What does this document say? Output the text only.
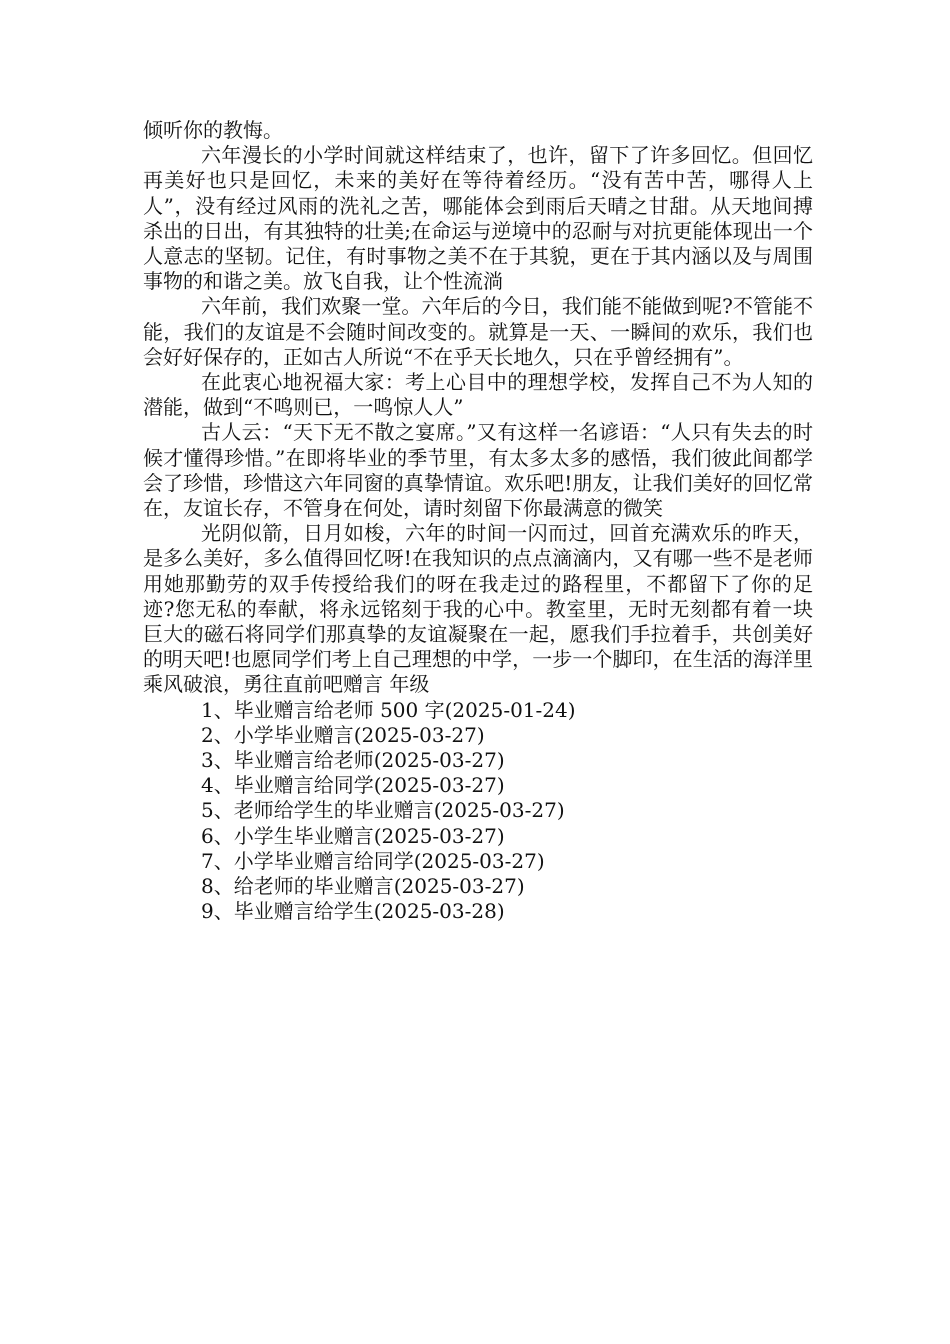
倾听你的教悔。

六年漫长的小学时间就这样结束了，也许，留下了许多回忆。但回忆再美好也只是回忆，未来的美好在等待着经历。“没有苦中苦，哪得人上人”，没有经过风雨的洗礼之苦，哪能体会到雨后天晴之甘甜。从天地间搏杀出的日出，有其独特的壮美;在命运与逆境中的忍耐与对抗更能体现出一个人意志的坚韧。记住，有时事物之美不在于其貌，更在于其内涵以及与周围事物的和谐之美。放飞自我，让个性流淌

六年前，我们欢聚一堂。六年后的今日，我们能不能做到呢?不管能不能，我们的友谊是不会随时间改变的。就算是一天、一瞬间的欢乐，我们也会好好保存的，正如古人所说“不在乎天长地久，只在乎曾经拥有”。

在此衷心地祝福大家：考上心目中的理想学校，发挥自己不为人知的潜能，做到“不鸣则已，一鸣惊人人”

古人云：“天下无不散之宴席。”又有这样一名谚语：“人只有失去的时候才懂得珍惜。”在即将毕业的季节里，有太多太多的感悟，我们彼此间都学会了珍惜，珍惜这六年同窗的真挚情谊。欢乐吧!朋友，让我们美好的回忆常在，友谊长存，不管身在何处，请时刻留下你最满意的微笑

光阴似箭，日月如梭，六年的时间一闪而过，回首充满欢乐的昨天，是多么美好，多么值得回忆呀!在我知识的点点滴滴内，又有哪一些不是老师用她那勤劳的双手传授给我们的呀在我走过的路程里，不都留下了你的足迹?您无私的奉献，将永远铭刻于我的心中。教室里，无时无刻都有着一块巨大的磁石将同学们那真挚的友谊凝聚在一起，愿我们手拉着手，共创美好的明天吧!也愿同学们考上自己理想的中学，一步一个脚印，在生活的海洋里乘风破浪，勇往直前吧赠言 年级

1、毕业赠言给老师 500 字(2025-01-24)
2、小学毕业赠言(2025-03-27)
3、毕业赠言给老师(2025-03-27)
4、毕业赠言给同学(2025-03-27)
5、老师给学生的毕业赠言(2025-03-27)
6、小学生毕业赠言(2025-03-27)
7、小学毕业赠言给同学(2025-03-27)
8、给老师的毕业赠言(2025-03-27)
9、毕业赠言给学生(2025-03-28)
